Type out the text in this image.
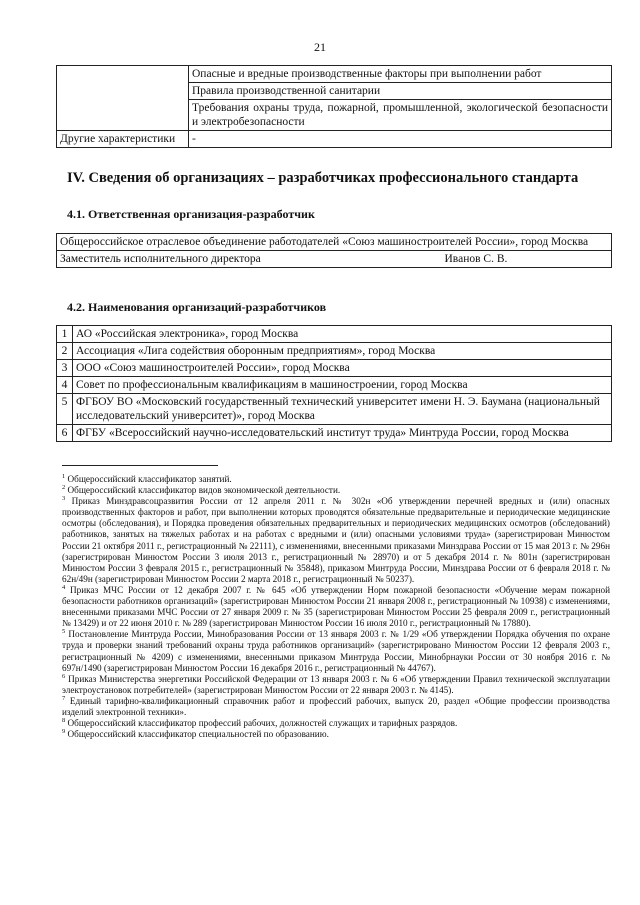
21
	Опасные и вредные производственные факторы при выполнении работ
	Правила производственной санитарии
	Требования охраны труда, пожарной, промышленной, экологической безопасности и электробезопасности
Другие характеристики	-
IV. Сведения об организациях – разработчиках профессионального стандарта
4.1. Ответственная организация-разработчик
Общероссийское отраслевое объединение работодателей «Союз машиностроителей России», город Москва
Заместитель исполнительного директора	Иванов С. В.
4.2. Наименования организаций-разработчиков
1	АО «Российская электроника», город Москва
2	Ассоциация «Лига содействия оборонным предприятиям», город Москва
3	ООО «Союз машиностроителей России», город Москва
4	Совет по профессиональным квалификациям в машиностроении, город Москва
5	ФГБОУ ВО «Московский государственный технический университет имени Н. Э. Баумана (национальный исследовательский университет)», город Москва
6	ФГБУ «Всероссийский научно-исследовательский институт труда» Минтруда России, город Москва

$^1$ Общероссийский классификатор занятий.

$^2$ Общероссийский классификатор видов экономической деятельности.

$^3$ Приказ Минздравсоцразвития России от 12 апреля 2011 г. № 302н «Об утверждении перечней вредных и (или) опасных производственных факторов и работ, при выполнении которых проводятся обязательные предварительные и периодические медицинские осмотры (обследования), и Порядка проведения обязательных предварительных и периодических медицинских осмотров (обследований) работников, занятых на тяжелых работах и на работах с вредными и (или) опасными условиями труда» (зарегистрирован Минюстом России 21 октября 2011 г., регистрационный № 22111), с изменениями, внесенными приказами Минздрава России от 15 мая 2013 г. № 296н (зарегистрирован Минюстом России 3 июля 2013 г., регистрационный № 28970) и от 5 декабря 2014 г. № 801н (зарегистрирован Минюстом России 3 февраля 2015 г., регистрационный № 35848), приказом Минтруда России, Минздрава России от 6 февраля 2018 г. № 62н/49н (зарегистрирован Минюстом России 2 марта 2018 г., регистрационный № 50237).

$^4$ Приказ МЧС России от 12 декабря 2007 г. № 645 «Об утверждении Норм пожарной безопасности «Обучение мерам пожарной безопасности работников организаций» (зарегистрирован Минюстом России 21 января 2008 г., регистрационный № 10938) с изменениями, внесенными приказами МЧС России от 27 января 2009 г. № 35 (зарегистрирован Минюстом России 25 февраля 2009 г., регистрационный № 13429) и от 22 июня 2010 г. № 289 (зарегистрирован Минюстом России 16 июля 2010 г., регистрационный № 17880).

$^5$ Постановление Минтруда России, Минобразования России от 13 января 2003 г. № 1/29 «Об утверждении Порядка обучения по охране труда и проверки знаний требований охраны труда работников организаций» (зарегистрировано Минюстом России 12 февраля 2003 г., регистрационный № 4209) с изменениями, внесенными приказом Минтруда России, Минобрнауки России от 30 ноября 2016 г. № 697н/1490 (зарегистрирован Минюстом России 16 декабря 2016 г., регистрационный № 44767).

$^6$ Приказ Министерства энергетики Российской Федерации от 13 января 2003 г. № 6 «Об утверждении Правил технической эксплуатации электроустановок потребителей» (зарегистрирован Минюстом России от 22 января 2003 г. № 4145).

$^7$ Единый тарифно-квалификационный справочник работ и профессий рабочих, выпуск 20, раздел «Общие профессии производства изделий электронной техники».

$^8$ Общероссийский классификатор профессий рабочих, должностей служащих и тарифных разрядов.

$^9$ Общероссийский классификатор специальностей по образованию.
